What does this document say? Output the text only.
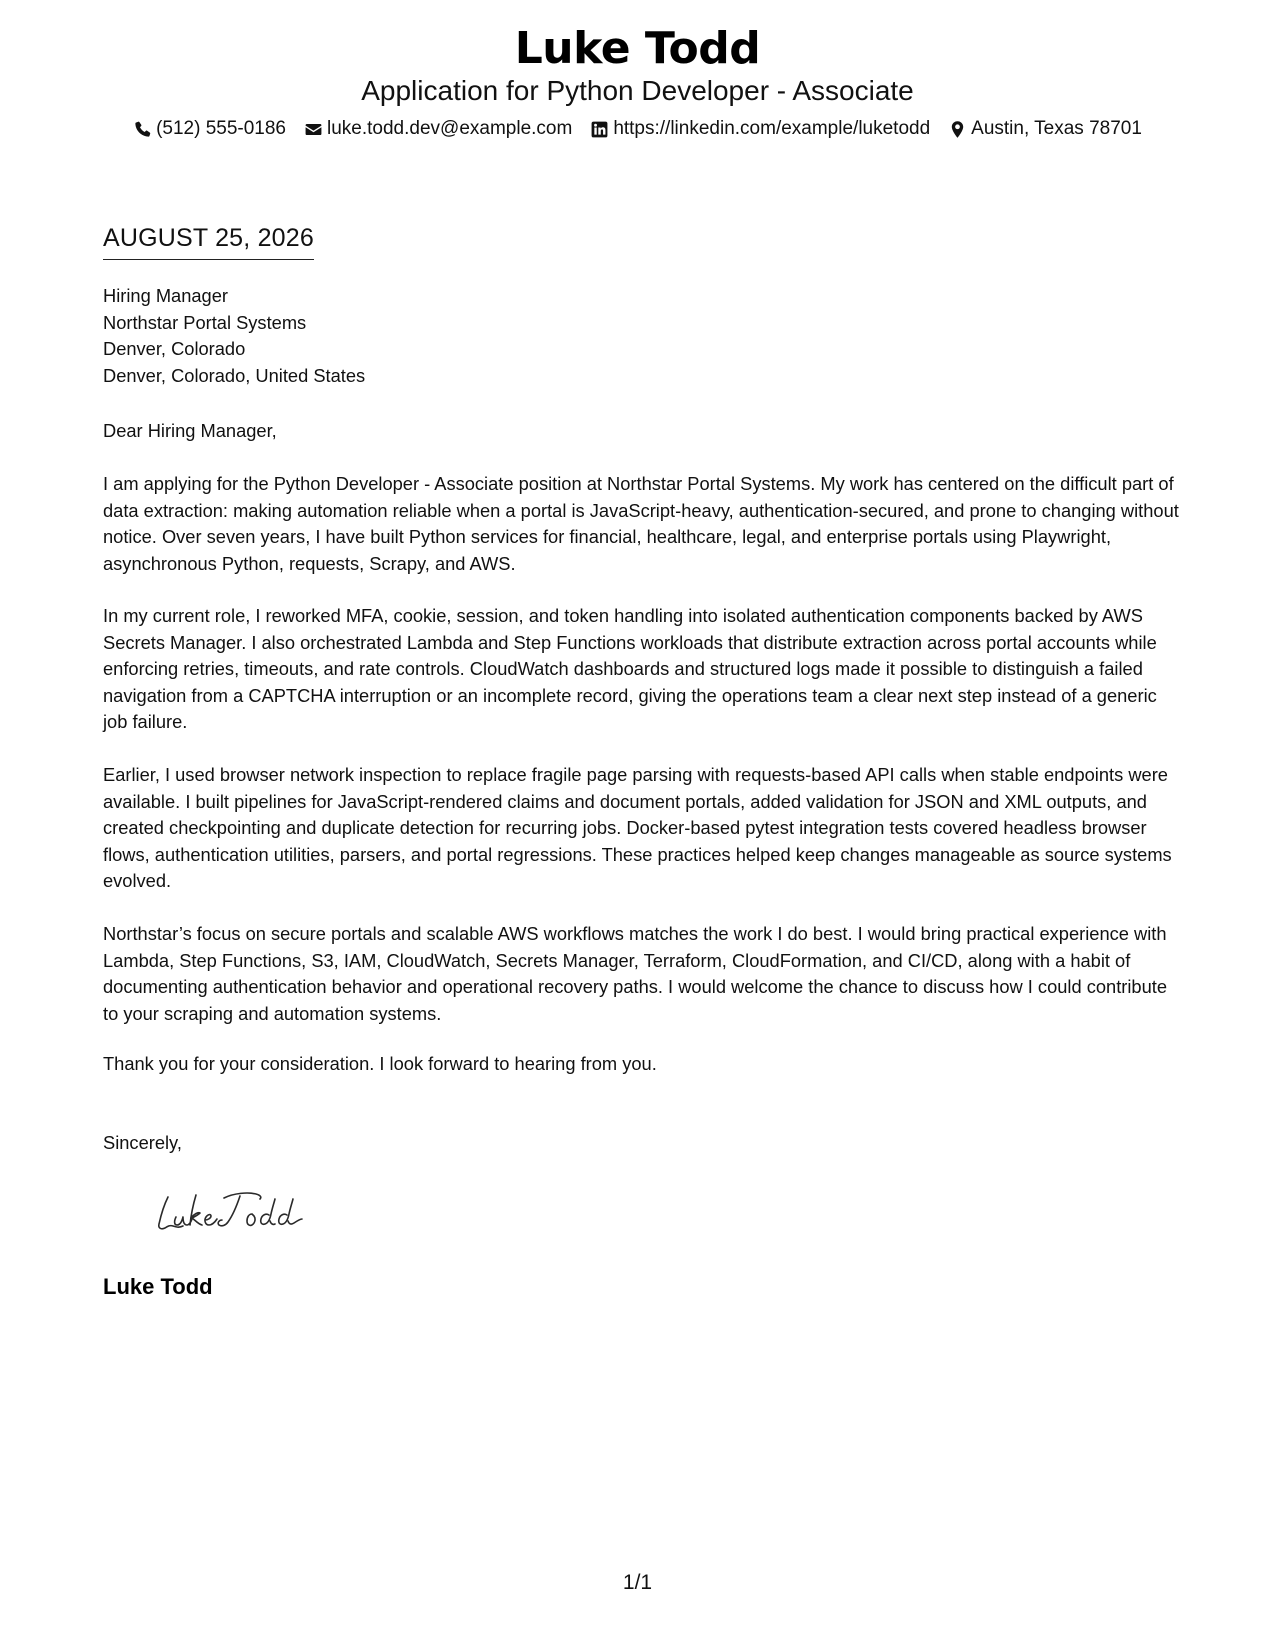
Luke Todd
Application for Python Developer - Associate
(512) 555-0186 luke.todd.dev@example.com https://linkedin.com/example/luketodd Austin, Texas 78701
AUGUST 25, 2026
Hiring Manager
Northstar Portal Systems
Denver, Colorado
Denver, Colorado, United States

Dear Hiring Manager,

I am applying for the Python Developer - Associate position at Northstar Portal Systems. My work has centered on the difficult part of data extraction: making automation reliable when a portal is JavaScript-heavy, authentication-secured, and prone to changing without notice. Over seven years, I have built Python services for financial, healthcare, legal, and enterprise portals using Playwright, asynchronous Python, requests, Scrapy, and AWS.

In my current role, I reworked MFA, cookie, session, and token handling into isolated authentication components backed by AWS Secrets Manager. I also orchestrated Lambda and Step Functions workloads that distribute extraction across portal accounts while enforcing retries, timeouts, and rate controls. CloudWatch dashboards and structured logs made it possible to distinguish a failed navigation from a CAPTCHA interruption or an incomplete record, giving the operations team a clear next step instead of a generic job failure.

Earlier, I used browser network inspection to replace fragile page parsing with requests-based API calls when stable endpoints were available. I built pipelines for JavaScript-rendered claims and document portals, added validation for JSON and XML outputs, and created checkpointing and duplicate detection for recurring jobs. Docker-based pytest integration tests covered headless browser flows, authentication utilities, parsers, and portal regressions. These practices helped keep changes manageable as source systems evolved.

Northstar’s focus on secure portals and scalable AWS workflows matches the work I do best. I would bring practical experience with Lambda, Step Functions, S3, IAM, CloudWatch, Secrets Manager, Terraform, CloudFormation, and CI/CD, along with a habit of documenting authentication behavior and operational recovery paths. I would welcome the chance to discuss how I could contribute to your scraping and automation systems.

Thank you for your consideration. I look forward to hearing from you.

Sincerely,

Luke Todd
1/1
